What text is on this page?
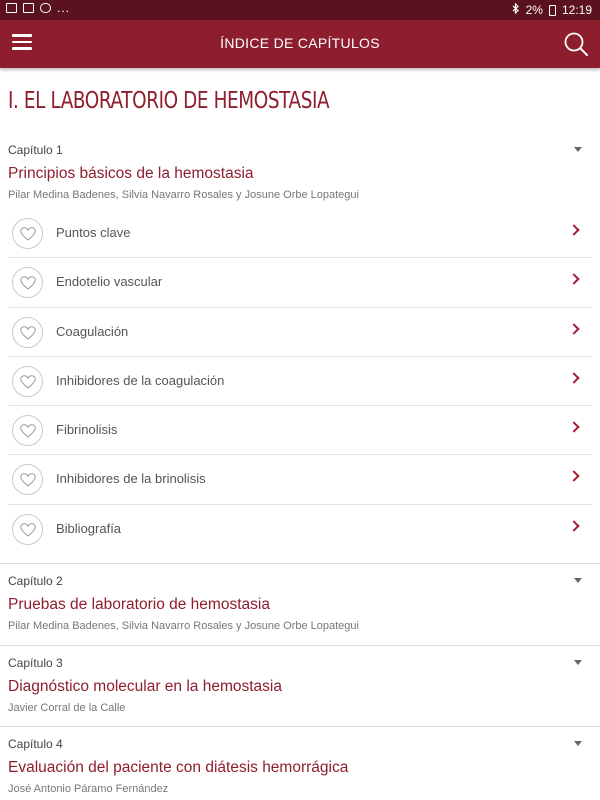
...	2% 12:19
ÍNDICE DE CAPÍTULOS
I. EL LABORATORIO DE HEMOSTASIA
Capítulo 1
Principios básicos de la hemostasia
Pilar Medina Badenes, Silvia Navarro Rosales y Josune Orbe Lopategui
Puntos clave
Endotelio vascular
Coagulación
Inhibidores de la coagulación
Fibrinolisis
Inhibidores de la brinolisis
Bibliografía
Capítulo 2
Pruebas de laboratorio de hemostasia
Pilar Medina Badenes, Silvia Navarro Rosales y Josune Orbe Lopategui
Capítulo 3
Diagnóstico molecular en la hemostasia
Javier Corral de la Calle
Capítulo 4
Evaluación del paciente con diátesis hemorrágica
José Antonio Páramo Fernández
